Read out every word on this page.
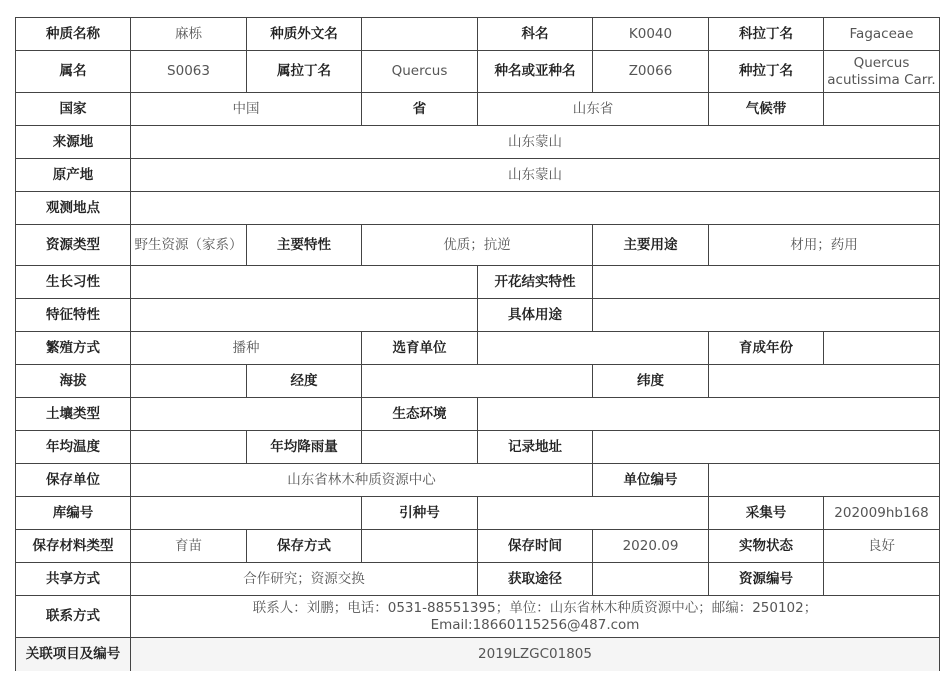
种质名称	麻栎	种质外文名		科名	K0040	科拉丁名	Fagaceae
属名	S0063	属拉丁名	Quercus	种名或亚种名	Z0066	种拉丁名	Quercus acutissima Carr.
国家	中国		省	山东省		气候带	
来源地	山东蒙山						
原产地	山东蒙山						
观测地点							
资源类型	野生资源（家系）	主要特性	优质；抗逆		主要用途	材用；药用	
生长习性				开花结实特性			
特征特性				具体用途			
繁殖方式	播种		选育单位			育成年份	
海拔		经度			纬度		
土壤类型			生态环境				
年均温度		年均降雨量		记录地址			
保存单位	山东省林木种质资源中心				单位编号		
库编号			引种号			采集号	202009hb168
保存材料类型	育苗	保存方式		保存时间	2020.09	实物状态	良好
共享方式	合作研究；资源交换			获取途径		资源编号	
联系方式	联系人：刘鹏；电话：0531-88551395；单位：山东省林木种质资源中心；邮编：250102；Email:18660115256@487.com						
关联项目及编号	2019LZGC01805						
